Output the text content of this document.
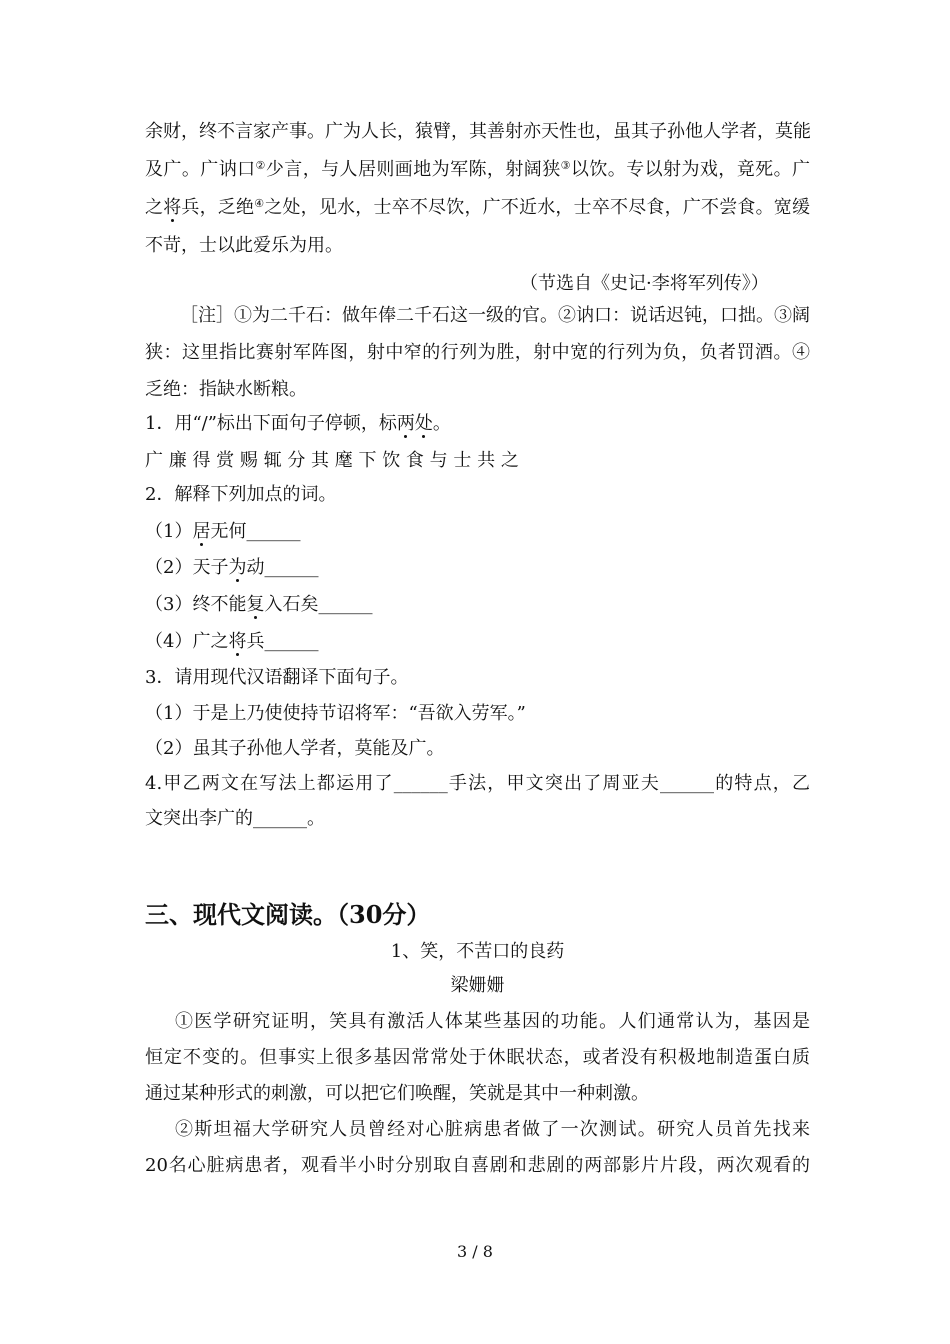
余财，终不言家产事。广为人长，猿臂，其善射亦天性也，虽其子孙他人学者，莫能
及广。广讷口②少言，与人居则画地为军陈，射阔狭③以饮。专以射为戏，竟死。广
之将兵，乏绝④之处，见水，士卒不尽饮，广不近水，士卒不尽食，广不尝食。宽缓
不苛，士以此爱乐为用。
（节选自《史记·李将军列传》）
［注］①为二千石：做年俸二千石这一级的官。②讷口：说话迟钝，口拙。③阔
狭：这里指比赛射军阵图，射中窄的行列为胜，射中宽的行列为负，负者罚酒。④
乏绝：指缺水断粮。
1．用“/”标出下面句子停顿，标两处。
广 廉 得 赏 赐 辄 分 其 麾 下 饮 食 与 士 共 之
2．解释下列加点的词。
（1）居无何______
（2）天子为动______
（3）终不能复入石矣______
（4）广之将兵______
3．请用现代汉语翻译下面句子。
（1）于是上乃使使持节诏将军：“吾欲入劳军。”
（2）虽其子孙他人学者，莫能及广。
4.甲乙两文在写法上都运用了______手法，甲文突出了周亚夫______的特点，乙
文突出李广的______。
三、现代文阅读。（30分）
1、笑，不苦口的良药
梁姗姗
①医学研究证明，笑具有激活人体某些基因的功能。人们通常认为，基因是
恒定不变的。但事实上很多基因常常处于休眠状态，或者没有积极地制造蛋白质
通过某种形式的刺激，可以把它们唤醒，笑就是其中一种刺激。
②斯坦福大学研究人员曾经对心脏病患者做了一次测试。研究人员首先找来
20名心脏病患者，观看半小时分别取自喜剧和悲剧的两部影片片段，两次观看的
3 / 8
